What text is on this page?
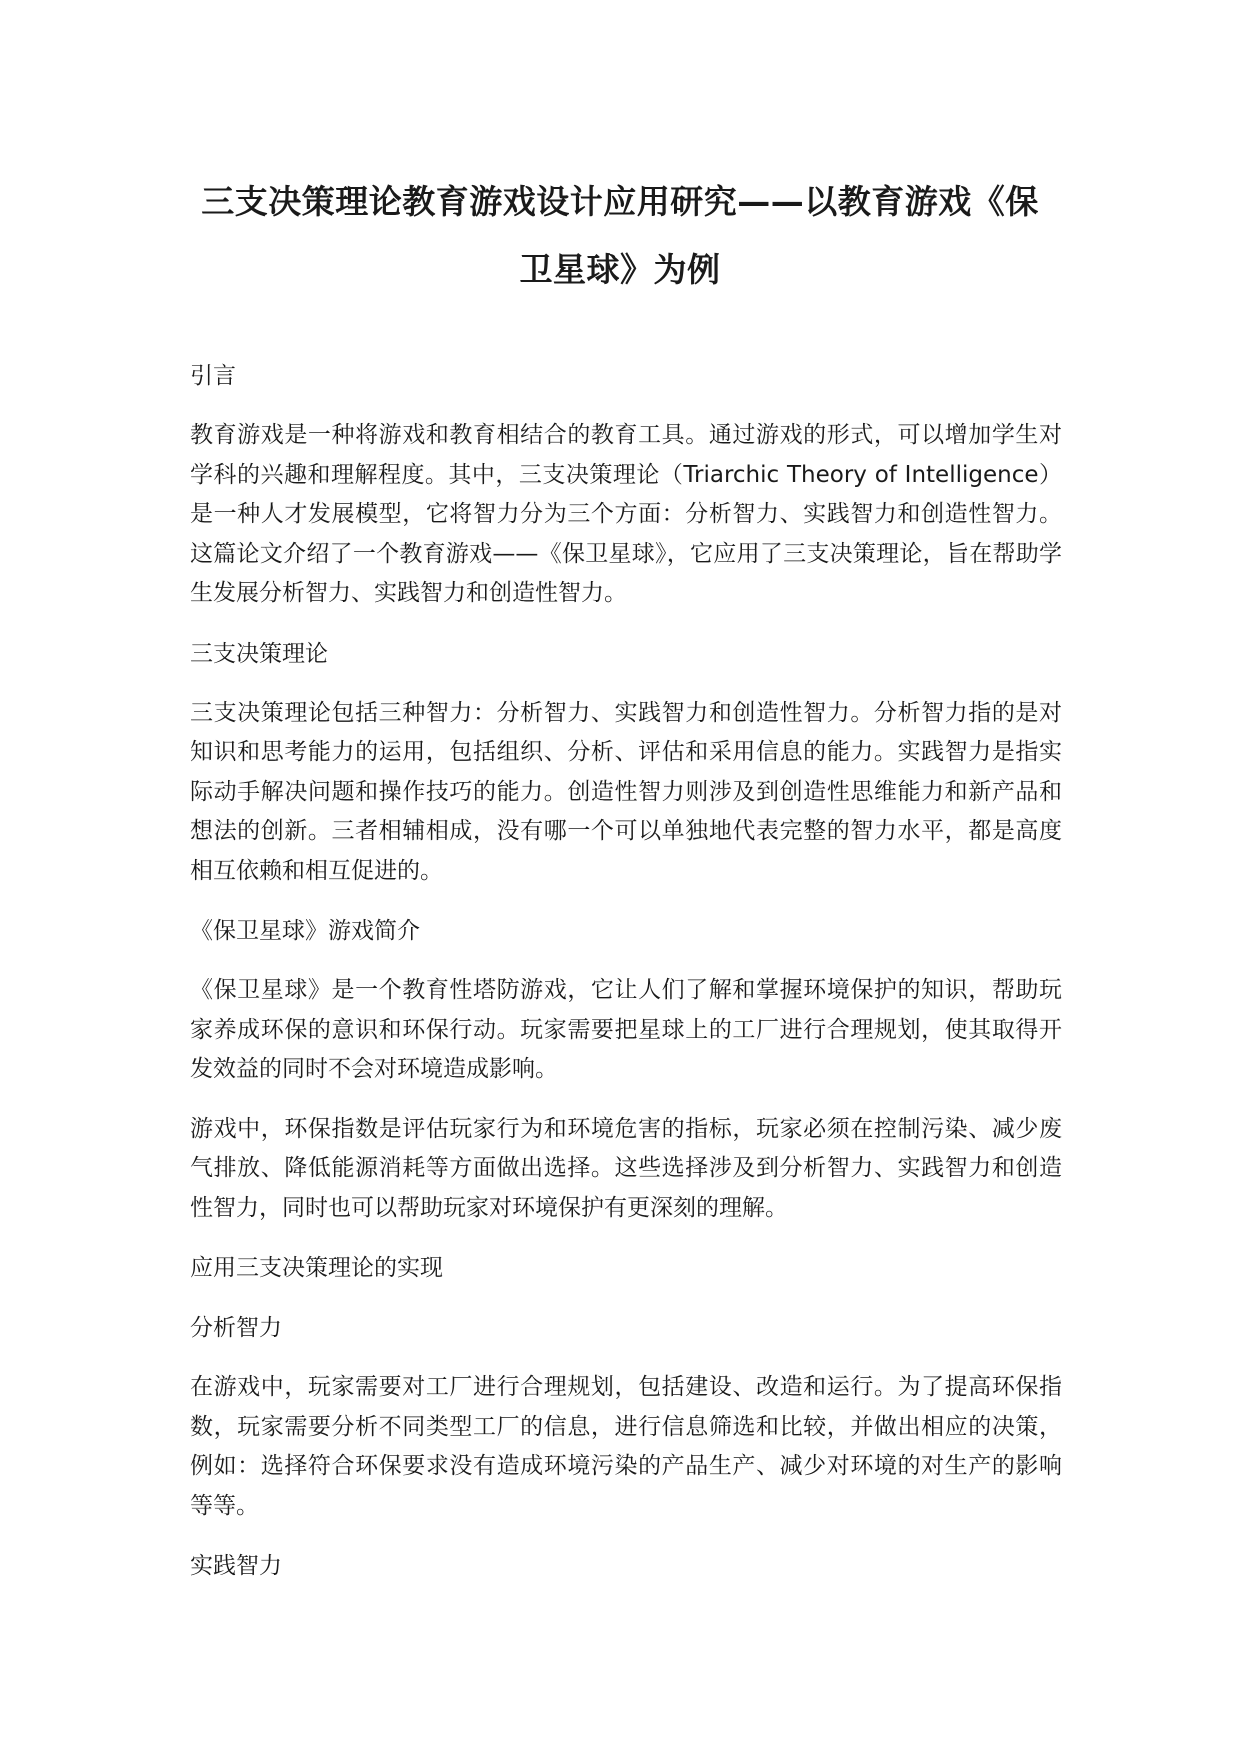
三支决策理论教育游戏设计应用研究——以教育游戏《保卫星球》为例

引言

教育游戏是一种将游戏和教育相结合的教育工具。通过游戏的形式，可以增加学生对学科的兴趣和理解程度。其中，三支决策理论（Triarchic Theory of Intelligence）是一种人才发展模型，它将智力分为三个方面：分析智力、实践智力和创造性智力。这篇论文介绍了一个教育游戏——《保卫星球》，它应用了三支决策理论，旨在帮助学生发展分析智力、实践智力和创造性智力。

三支决策理论

三支决策理论包括三种智力：分析智力、实践智力和创造性智力。分析智力指的是对知识和思考能力的运用，包括组织、分析、评估和采用信息的能力。实践智力是指实际动手解决问题和操作技巧的能力。创造性智力则涉及到创造性思维能力和新产品和想法的创新。三者相辅相成，没有哪一个可以单独地代表完整的智力水平，都是高度相互依赖和相互促进的。

《保卫星球》游戏简介

《保卫星球》是一个教育性塔防游戏，它让人们了解和掌握环境保护的知识，帮助玩家养成环保的意识和环保行动。玩家需要把星球上的工厂进行合理规划，使其取得开发效益的同时不会对环境造成影响。

游戏中，环保指数是评估玩家行为和环境危害的指标，玩家必须在控制污染、减少废气排放、降低能源消耗等方面做出选择。这些选择涉及到分析智力、实践智力和创造性智力，同时也可以帮助玩家对环境保护有更深刻的理解。

应用三支决策理论的实现

分析智力

在游戏中，玩家需要对工厂进行合理规划，包括建设、改造和运行。为了提高环保指数，玩家需要分析不同类型工厂的信息，进行信息筛选和比较，并做出相应的决策，例如：选择符合环保要求没有造成环境污染的产品生产、减少对环境的对生产的影响等等。

实践智力
